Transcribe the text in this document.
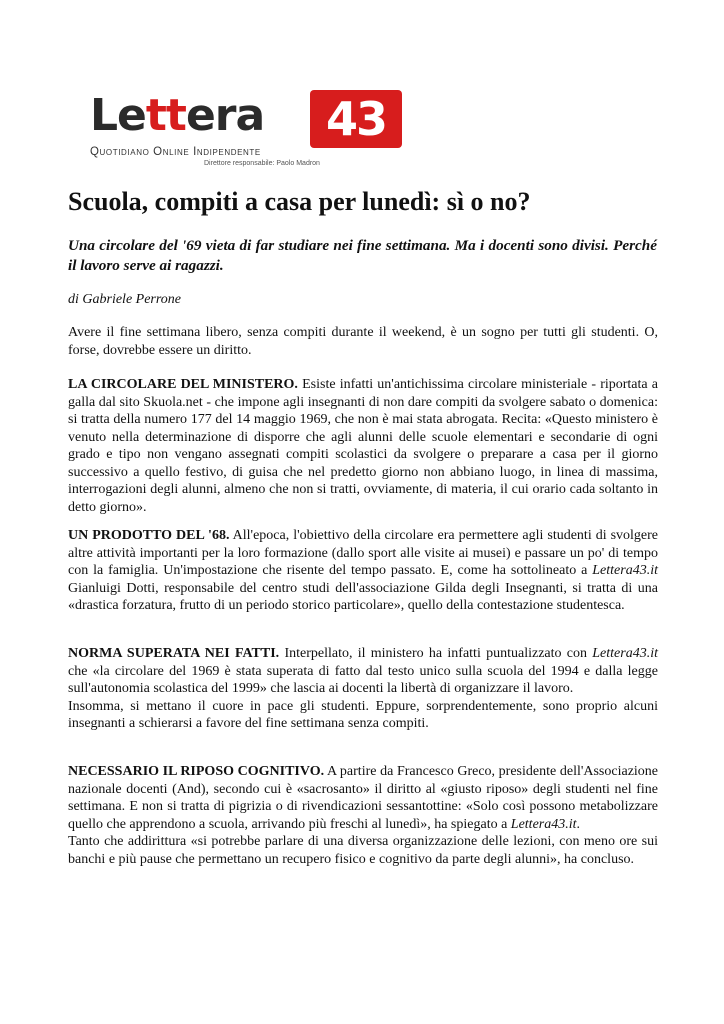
Lettera	43
Quotidiano Online Indipendente
Direttore responsabile: Paolo Madron
Scuola, compiti a casa per lunedì: sì o no?

Una circolare del '69 vieta di far studiare nei fine settimana. Ma i docenti sono divisi. Perché il lavoro serve ai ragazzi.

di Gabriele Perrone

Avere il fine settimana libero, senza compiti durante il weekend, è un sogno per tutti gli studenti. O, forse, dovrebbe essere un diritto.

LA CIRCOLARE DEL MINISTERO. Esiste infatti un'antichissima circolare ministeriale - riportata a galla dal sito Skuola.net - che impone agli insegnanti di non dare compiti da svolgere sabato o domenica: si tratta della numero 177 del 14 maggio 1969, che non è mai stata abrogata. Recita: «Questo ministero è venuto nella determinazione di disporre che agli alunni delle scuole elementari e secondarie di ogni grado e tipo non vengano assegnati compiti scolastici da svolgere o preparare a casa per il giorno successivo a quello festivo, di guisa che nel predetto giorno non abbiano luogo, in linea di massima, interrogazioni degli alunni, almeno che non si tratti, ovviamente, di materia, il cui orario cada soltanto in detto giorno».

UN PRODOTTO DEL '68. All'epoca, l'obiettivo della circolare era permettere agli studenti di svolgere altre attività importanti per la loro formazione (dallo sport alle visite ai musei) e passare un po' di tempo con la famiglia. Un'impostazione che risente del tempo passato. E, come ha sottolineato a Lettera43.it Gianluigi Dotti, responsabile del centro studi dell'associazione Gilda degli Insegnanti, si tratta di una «drastica forzatura, frutto di un periodo storico particolare», quello della contestazione studentesca.

NORMA SUPERATA NEI FATTI. Interpellato, il ministero ha infatti puntualizzato con Lettera43.it che «la circolare del 1969 è stata superata di fatto dal testo unico sulla scuola del 1994 e dalla legge sull'autonomia scolastica del 1999» che lascia ai docenti la libertà di organizzare il lavoro.
Insomma, si mettano il cuore in pace gli studenti. Eppure, sorprendentemente, sono proprio alcuni insegnanti a schierarsi a favore del fine settimana senza compiti.

NECESSARIO IL RIPOSO COGNITIVO. A partire da Francesco Greco, presidente dell'Associazione nazionale docenti (And), secondo cui è «sacrosanto» il diritto al «giusto riposo» degli studenti nel fine settimana. E non si tratta di pigrizia o di rivendicazioni sessantottine: «Solo così possono metabolizzare quello che apprendono a scuola, arrivando più freschi al lunedì», ha spiegato a Lettera43.it.
Tanto che addirittura «si potrebbe parlare di una diversa organizzazione delle lezioni, con meno ore sui banchi e più pause che permettano un recupero fisico e cognitivo da parte degli alunni», ha concluso.
